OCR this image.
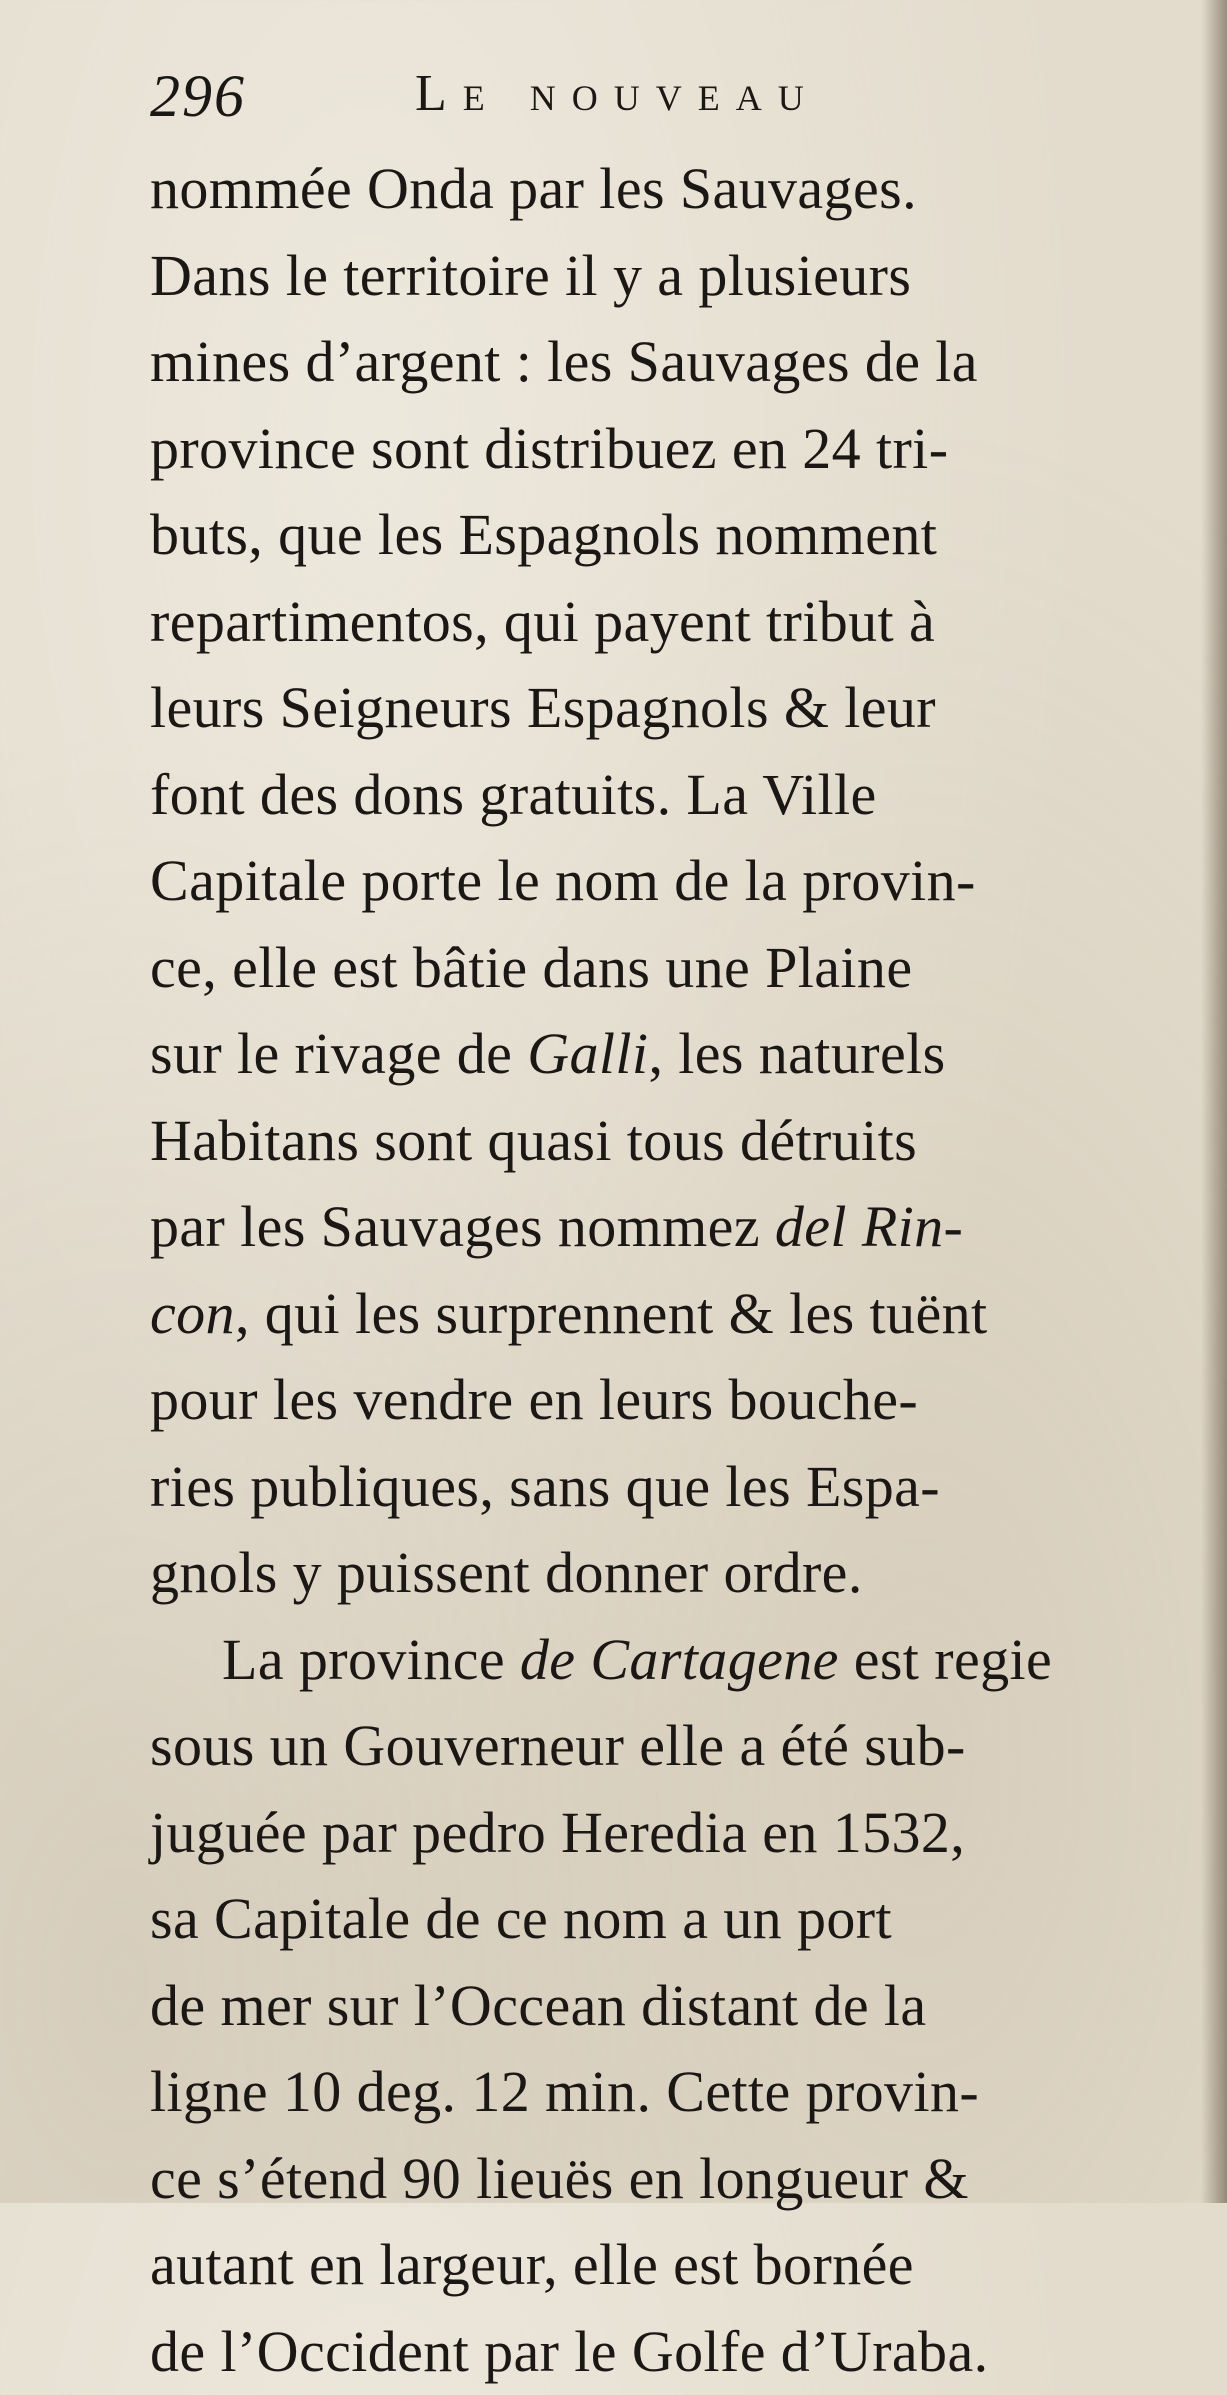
296	Le nouveau
nommée Onda par les Sauvages.
Dans le territoire il y a plusieurs
mines d’argent : les Sauvages de la
province sont distribuez en 24 tri-
buts, que les Espagnols nomment
repartimentos, qui payent tribut à
leurs Seigneurs Espagnols & leur
font des dons gratuits. La Ville
Capitale porte le nom de la provin-
ce, elle est bâtie dans une Plaine
sur le rivage de Galli, les naturels
Habitans sont quasi tous détruits
par les Sauvages nommez del Rin-
con, qui les surprennent & les tuënt
pour les vendre en leurs bouche-
ries publiques, sans que les Espa-
gnols y puissent donner ordre.
La province de Cartagene est regie
sous un Gouverneur elle a été sub-
juguée par pedro Heredia en 1532,
sa Capitale de ce nom a un port
de mer sur l’Occean distant de la
ligne 10 deg. 12 min. Cette provin-
ce s’étend 90 lieuës en longueur &
autant en largeur, elle est bornée
de l’Occident par le Golfe d’Uraba.
